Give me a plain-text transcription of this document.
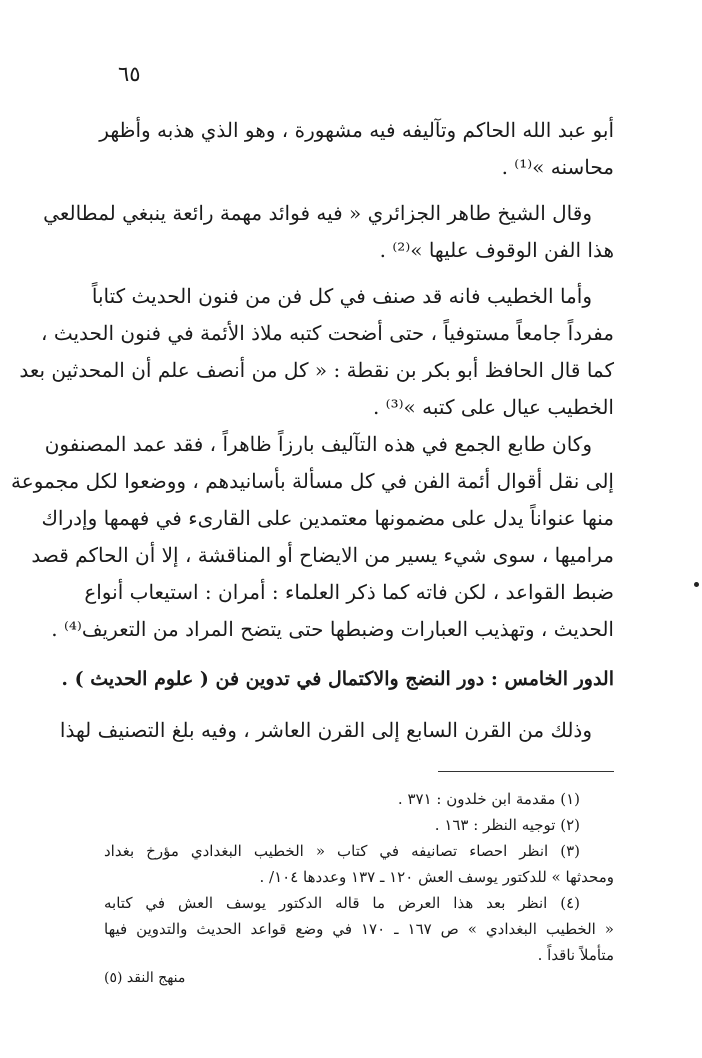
٦٥
أبو عبد الله الحاكم وتآليفه فيه مشهورة ، وهو الذي هذبه وأظهر
محاسنه »⁽¹⁾ .
وقال الشيخ طاهر الجزائري « فيه فوائد مهمة رائعة ينبغي لمطالعي
هذا الفن الوقوف عليها »⁽²⁾ .
وأما الخطيب فانه قد صنف في كل فن من فنون الحديث كتاباً
مفرداً جامعاً مستوفياً ، حتى أضحت كتبه ملاذ الأئمة في فنون الحديث ،
كما قال الحافظ أبو بكر بن نقطة : « كل من أنصف علم أن المحدثين بعد
الخطيب عيال على كتبه »⁽³⁾ .
وكان طابع الجمع في هذه التآليف بارزاً ظاهراً ، فقد عمد المصنفون
إلى نقل أقوال أئمة الفن في كل مسألة بأسانيدهم ، ووضعوا لكل مجموعة
منها عنواناً يدل على مضمونها معتمدين على القارىء في فهمها وإدراك
مراميها ، سوى شيء يسير من الايضاح أو المناقشة ، إلا أن الحاكم قصد
ضبط القواعد ، لكن فاته كما ذكر العلماء : أمران : استيعاب أنواع
الحديث ، وتهذيب العبارات وضبطها حتى يتضح المراد من التعريف⁽⁴⁾ .
الدور الخامس : دور النضج والاكتمال في تدوين فن ( علوم الحديث ) .
وذلك من القرن السابع إلى القرن العاشر ، وفيه بلغ التصنيف لهذا
(١) مقدمة ابن خلدون : ٣٧١ .
(٢) توجيه النظر : ١٦٣ .
(٣) انظر احصاء تصانيفه في كتاب « الخطيب البغدادي مؤرخ بغداد
ومحدثها » للدكتور يوسف العش ١٢٠ ـ ١٣٧ وعددها ١٠٤/ .
(٤) انظر بعد هذا العرض ما قاله الدكتور يوسف العش في كتابه
« الخطيب البغدادي » ص ١٦٧ ـ ١٧٠ في وضع قواعد الحديث والتدوين فيها
متأملاً ناقداً .
منهج النقد (٥)
